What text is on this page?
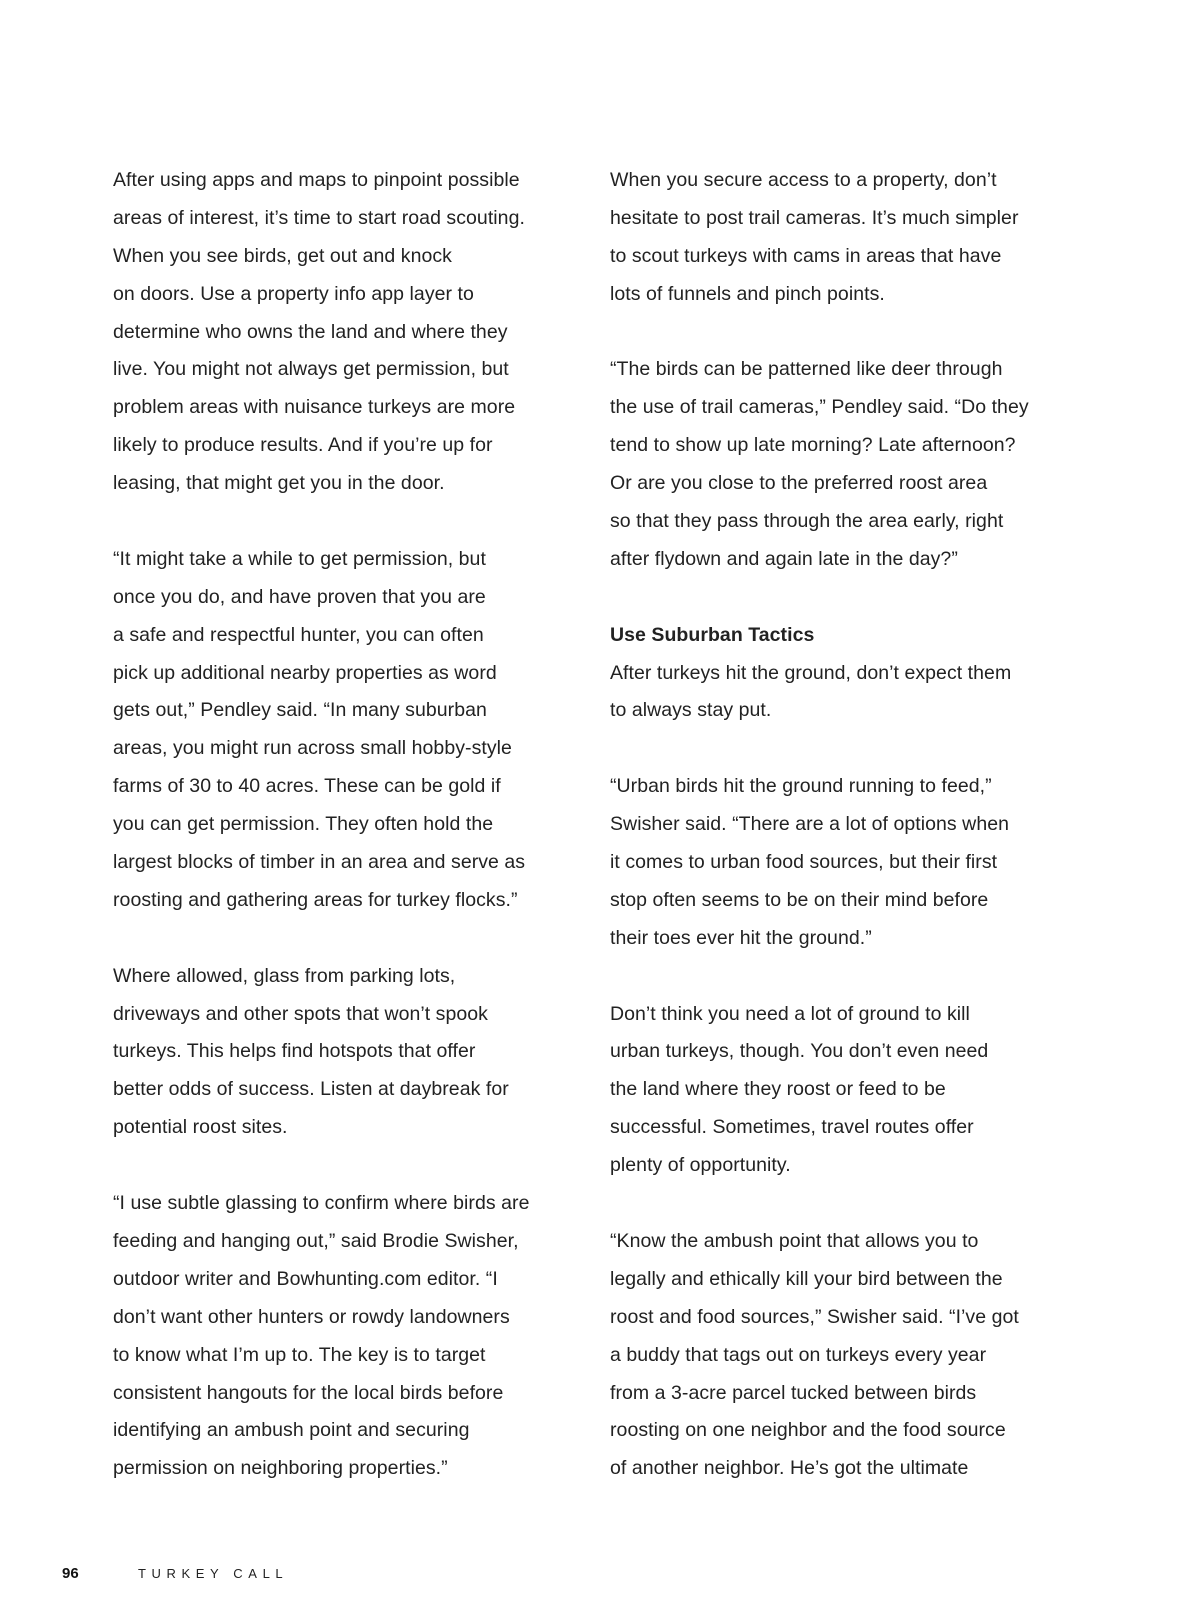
After using apps and maps to pinpoint possible
areas of interest, it’s time to start road scouting.
When you see birds, get out and knock
on doors. Use a property info app layer to
determine who owns the land and where they
live. You might not always get permission, but
problem areas with nuisance turkeys are more
likely to produce results. And if you’re up for
leasing, that might get you in the door.
“It might take a while to get permission, but
once you do, and have proven that you are
a safe and respectful hunter, you can often
pick up additional nearby properties as word
gets out,” Pendley said. “In many suburban
areas, you might run across small hobby-style
farms of 30 to 40 acres. These can be gold if
you can get permission. They often hold the
largest blocks of timber in an area and serve as
roosting and gathering areas for turkey flocks.”
Where allowed, glass from parking lots,
driveways and other spots that won’t spook
turkeys. This helps find hotspots that offer
better odds of success. Listen at daybreak for
potential roost sites.
“I use subtle glassing to confirm where birds are
feeding and hanging out,” said Brodie Swisher,
outdoor writer and Bowhunting.com editor. “I
don’t want other hunters or rowdy landowners
to know what I’m up to. The key is to target
consistent hangouts for the local birds before
identifying an ambush point and securing
permission on neighboring properties.”
When you secure access to a property, don’t
hesitate to post trail cameras. It’s much simpler
to scout turkeys with cams in areas that have
lots of funnels and pinch points.
“The birds can be patterned like deer through
the use of trail cameras,” Pendley said. “Do they
tend to show up late morning? Late afternoon?
Or are you close to the preferred roost area
so that they pass through the area early, right
after flydown and again late in the day?”
Use Suburban Tactics
After turkeys hit the ground, don’t expect them
to always stay put.
“Urban birds hit the ground running to feed,”
Swisher said. “There are a lot of options when
it comes to urban food sources, but their first
stop often seems to be on their mind before
their toes ever hit the ground.”
Don’t think you need a lot of ground to kill
urban turkeys, though. You don’t even need
the land where they roost or feed to be
successful. Sometimes, travel routes offer
plenty of opportunity.
“Know the ambush point that allows you to
legally and ethically kill your bird between the
roost and food sources,” Swisher said. “I’ve got
a buddy that tags out on turkeys every year
from a 3-acre parcel tucked between birds
roosting on one neighbor and the food source
of another neighbor. He’s got the ultimate
96	TURKEY CALL
